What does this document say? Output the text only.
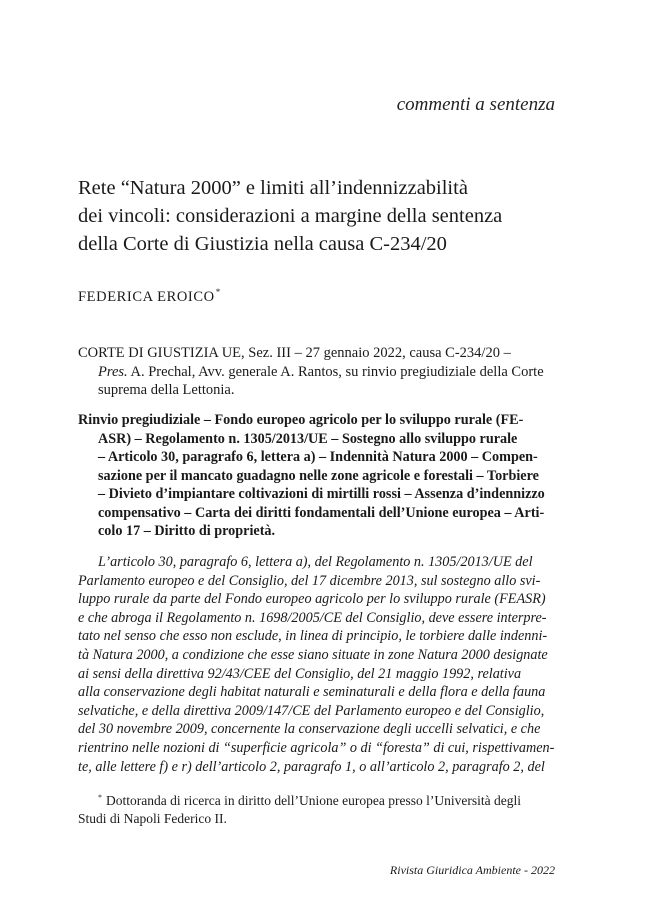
commenti a sentenza
Rete “Natura 2000” e limiti all’indennizzabilità
dei vincoli: considerazioni a margine della sentenza
della Corte di Giustizia nella causa C-234/20
FEDERICA EROICO*
CORTE DI GIUSTIZIA UE, Sez. III – 27 gennaio 2022, causa C-234/20 –
Pres. A. Prechal, Avv. generale A. Rantos, su rinvio pregiudiziale della Corte
suprema della Lettonia.
Rinvio pregiudiziale – Fondo europeo agricolo per lo sviluppo rurale (FE-
ASR) – Regolamento n. 1305/2013/UE – Sostegno allo sviluppo rurale
– Articolo 30, paragrafo 6, lettera a) – Indennità Natura 2000 – Compen-
sazione per il mancato guadagno nelle zone agricole e forestali – Torbiere
– Divieto d’impiantare coltivazioni di mirtilli rossi – Assenza d’indennizzo
compensativo – Carta dei diritti fondamentali dell’Unione europea – Arti-
colo 17 – Diritto di proprietà.
L’articolo 30, paragrafo 6, lettera a), del Regolamento n. 1305/2013/UE del
Parlamento europeo e del Consiglio, del 17 dicembre 2013, sul sostegno allo svi-
luppo rurale da parte del Fondo europeo agricolo per lo sviluppo rurale (FEASR)
e che abroga il Regolamento n. 1698/2005/CE del Consiglio, deve essere interpre-
tato nel senso che esso non esclude, in linea di principio, le torbiere dalle indenni-
tà Natura 2000, a condizione che esse siano situate in zone Natura 2000 designate
ai sensi della direttiva 92/43/CEE del Consiglio, del 21 maggio 1992, relativa
alla conservazione degli habitat naturali e seminaturali e della flora e della fauna
selvatiche, e della direttiva 2009/147/CE del Parlamento europeo e del Consiglio,
del 30 novembre 2009, concernente la conservazione degli uccelli selvatici, e che
rientrino nelle nozioni di “superficie agricola” o di “foresta” di cui, rispettivamen-
te, alle lettere f) e r) dell’articolo 2, paragrafo 1, o all’articolo 2, paragrafo 2, del
* Dottoranda di ricerca in diritto dell’Unione europea presso l’Università degli
Studi di Napoli Federico II.
Rivista Giuridica Ambiente - 2022
